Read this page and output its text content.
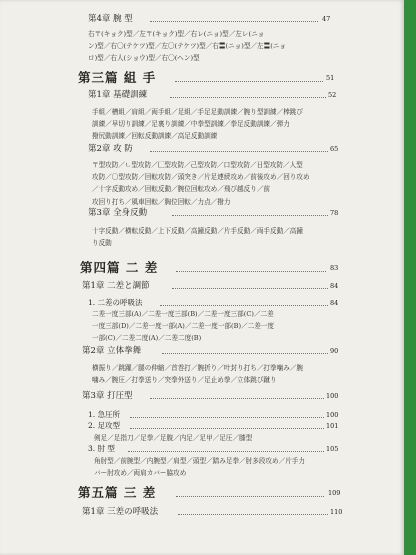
第4章 腕 型	47
右〒(キョク)型／左〒(キョク)型／右レ(ニョ)型／左レ(ニョ
ン)型／右〇(テケツ)型／左〇(テケツ)型／右〓(ニョ)型／左〓(ニョ
ロ)型／右人(ショウ)型／右〇(ヘン)型
第三篇 組 手	51
第1章 基礎訓練	52
手組／槽組／肩組／両手組／足組／手足足動訓練／腕り型訓練／棒跳び
訓練／早切り訓練／足裏り訓練／中拳型訓練／拳足反動訓練／弾力
撥尻動訓練／回転反動訓練／高足反動訓練
第2章 攻 防	65
〒型攻防／ㄴ型攻防／匚型攻防／己型攻防／口型攻防／日型攻防／人型
攻防／〇型攻防／回転攻防／頭突き／片足連続攻め／前後攻め／回り攻め
／十字反動攻め／回転反動／腕位回転攻め／飛び越反り／前
攻回り打ち／風車回転／胸位回転／力点／撥力
第3章 全身反動	78
十字反動／横転反動／上下反動／高鐘反動／片手反動／両手反動／高鐘
り反動
第四篇 二 差	83
第1章 二差と調節	84
1. 二差の呼吸法	84
二差一度三部(A)／二差一度三部(B)／二差一度三部(C)／二差
一度三部(D)／二差一度一部(A)／二差一度一部(B)／二差一度
一部(C)／二差二度(A)／二差二度(B)
第2章 立体拳舞	90
横振り／跳躍／腿の伸縮／首巻打／腕折り／叶封り打ち／打拳噛み／腕
噛み／腕圧／打拳送り／突拳外送り／足止め拳／立体跳び蹴り
第3章 打圧型	100
1. 急圧所	100
2. 足攻型	101
剣足／足指刀／足拳／足腹／内足／足甲／足圧／膝型
3. 肘 型	105
角肘型／前腕型／内腕型／肩型／頭型／踏み足拳／肘多段攻め／片手力
バー肘攻め／両肩カバー脇攻め
第五篇 三 差	109
第1章 三差の呼吸法	110
